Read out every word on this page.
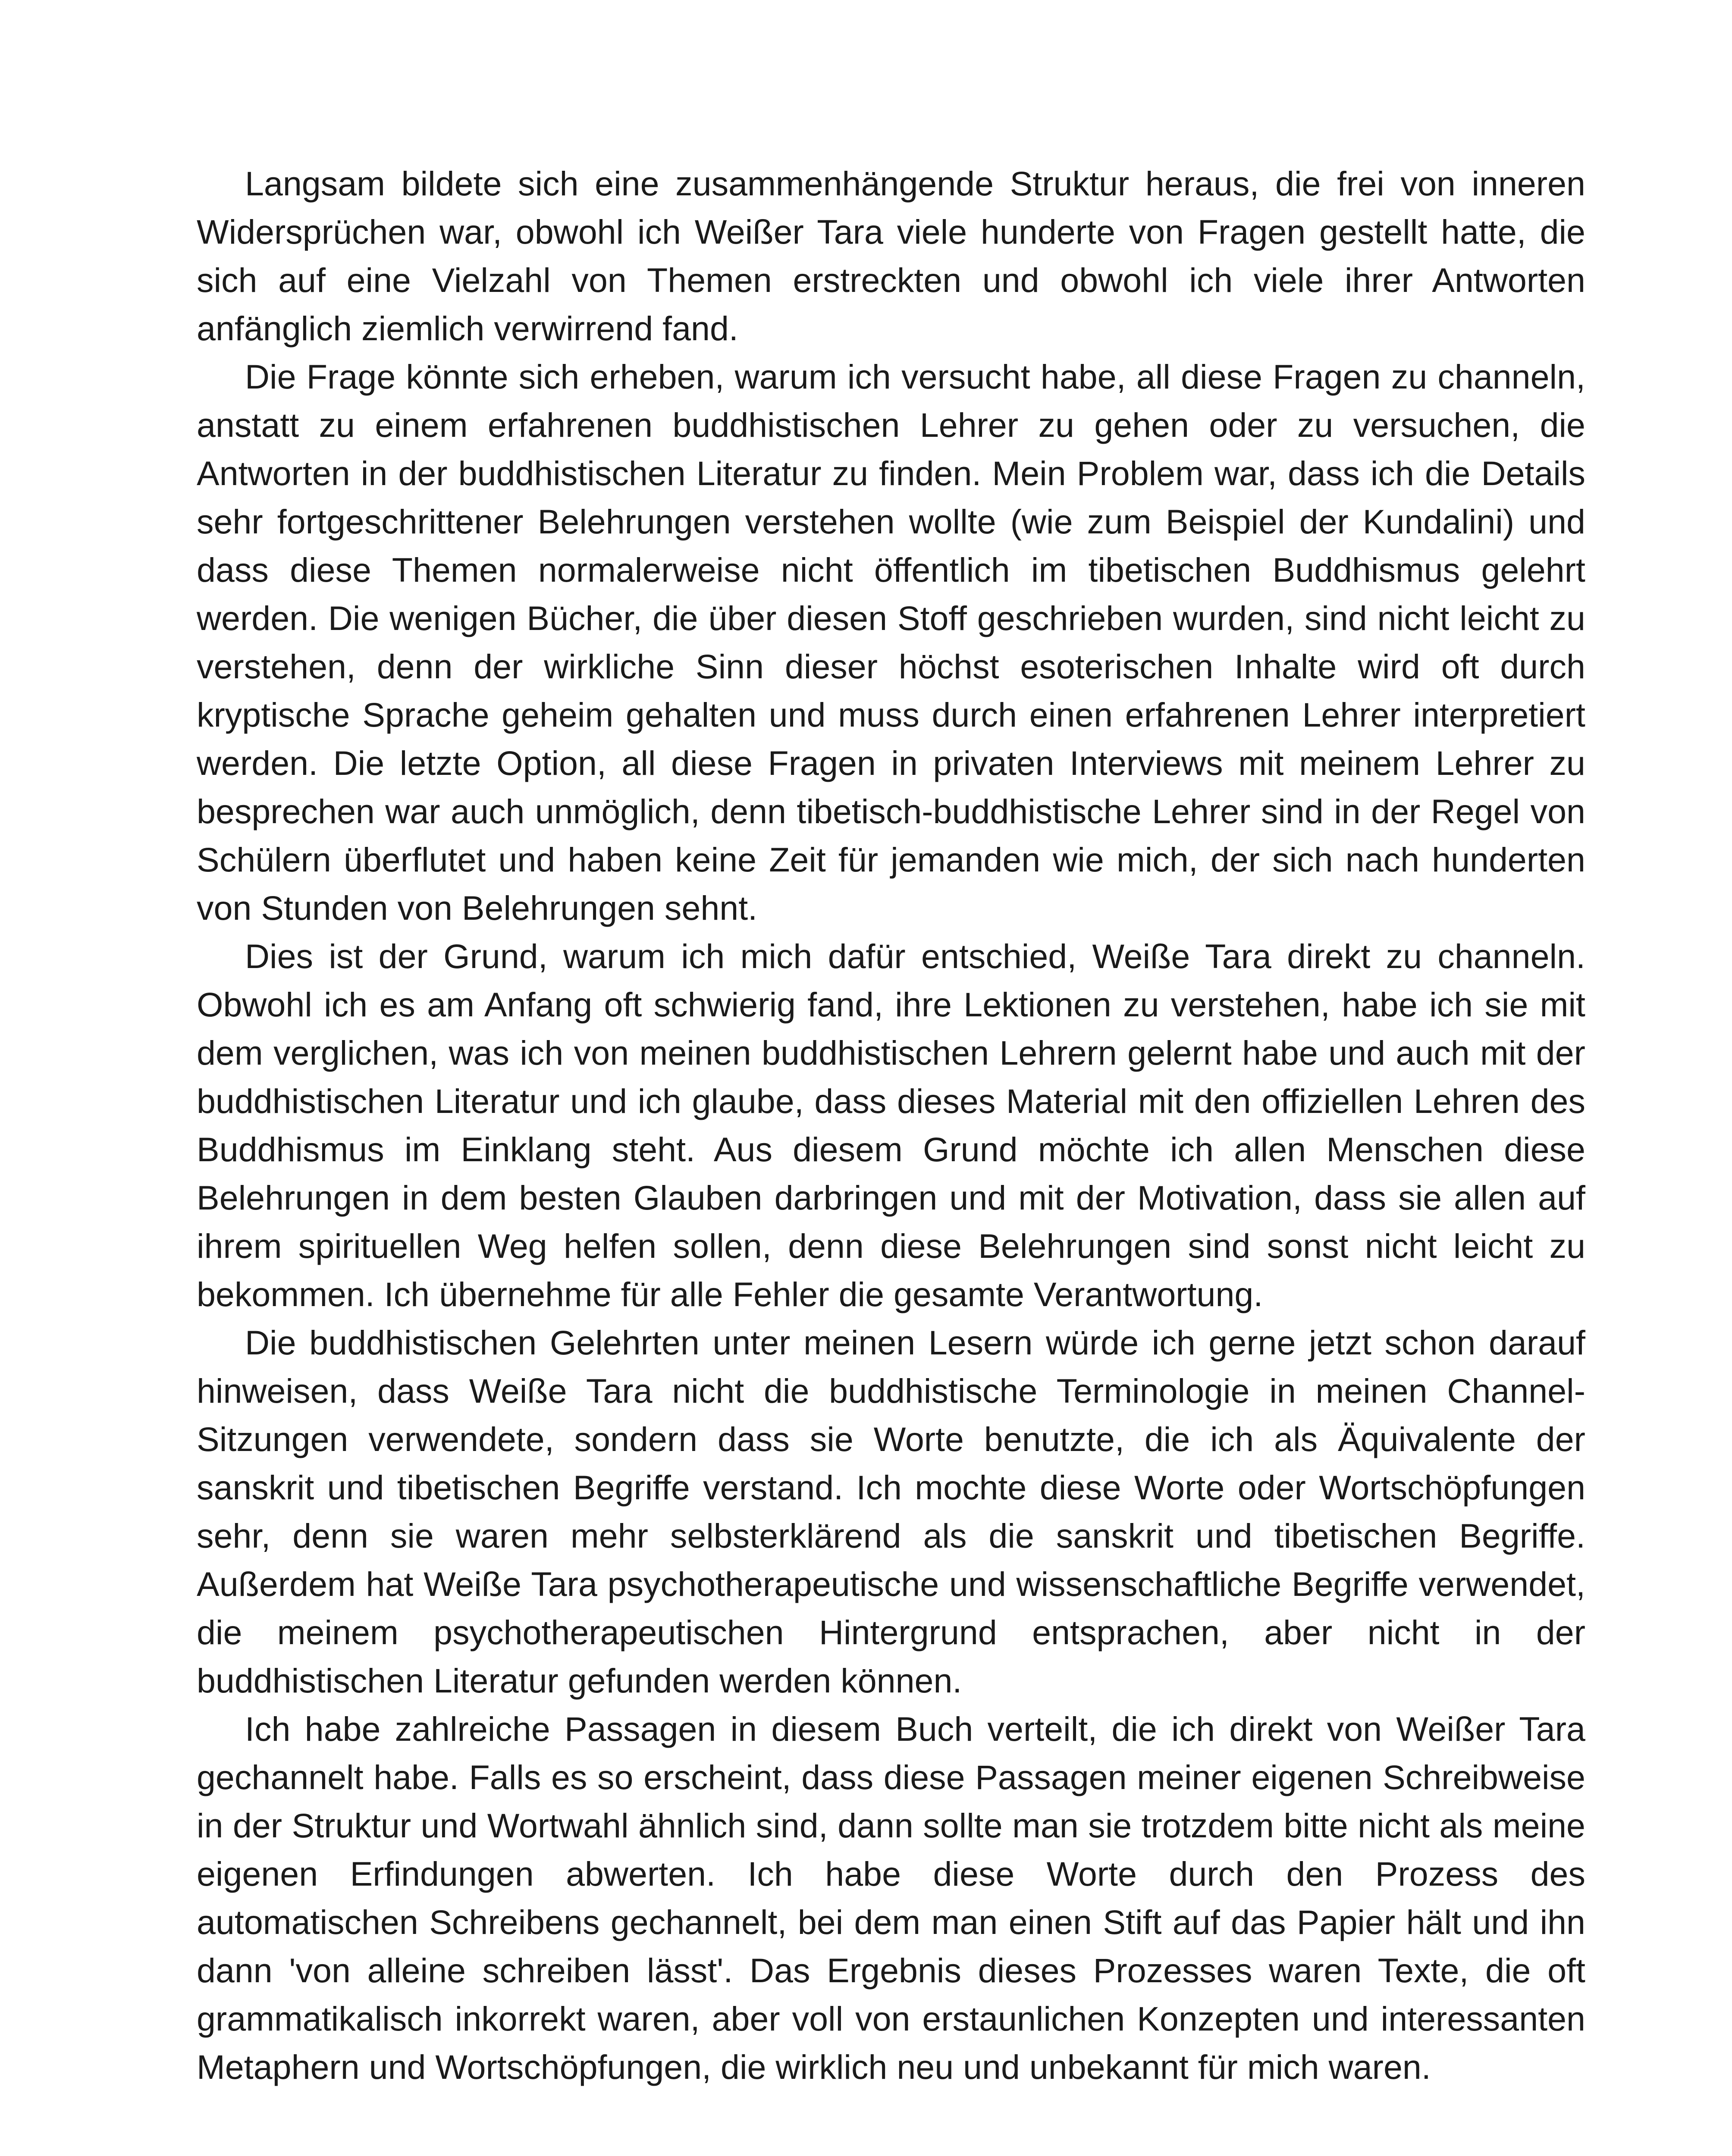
Langsam bildete sich eine zusammenhängende Struktur heraus, die frei von inneren Widersprüchen war, obwohl ich Weißer Tara viele hunderte von Fragen gestellt hatte, die sich auf eine Vielzahl von Themen erstreckten und obwohl ich viele ihrer Antworten anfänglich ziemlich verwirrend fand.

Die Frage könnte sich erheben, warum ich versucht habe, all diese Fragen zu channeln, anstatt zu einem erfahrenen buddhistischen Lehrer zu gehen oder zu versuchen, die Antworten in der buddhistischen Literatur zu finden. Mein Problem war, dass ich die Details sehr fortgeschrittener Belehrungen verstehen wollte (wie zum Beispiel der Kundalini) und dass diese Themen normalerweise nicht öffentlich im tibetischen Buddhismus gelehrt werden. Die wenigen Bücher, die über diesen Stoff geschrieben wurden, sind nicht leicht zu verstehen, denn der wirkliche Sinn dieser höchst esoterischen Inhalte wird oft durch kryptische Sprache geheim gehalten und muss durch einen erfahrenen Lehrer interpretiert werden. Die letzte Option, all diese Fragen in privaten Interviews mit meinem Lehrer zu besprechen war auch unmöglich, denn tibetisch-buddhistische Lehrer sind in der Regel von Schülern überflutet und haben keine Zeit für jemanden wie mich, der sich nach hunderten von Stunden von Belehrungen sehnt.

Dies ist der Grund, warum ich mich dafür entschied, Weiße Tara direkt zu channeln. Obwohl ich es am Anfang oft schwierig fand, ihre Lektionen zu verstehen, habe ich sie mit dem verglichen, was ich von meinen buddhistischen Lehrern gelernt habe und auch mit der buddhistischen Literatur und ich glaube, dass dieses Material mit den offiziellen Lehren des Buddhismus im Einklang steht. Aus diesem Grund möchte ich allen Menschen diese Belehrungen in dem besten Glauben darbringen und mit der Motivation, dass sie allen auf ihrem spirituellen Weg helfen sollen, denn diese Belehrungen sind sonst nicht leicht zu bekommen. Ich übernehme für alle Fehler die gesamte Verantwortung.

Die buddhistischen Gelehrten unter meinen Lesern würde ich gerne jetzt schon darauf hinweisen, dass Weiße Tara nicht die buddhistische Terminologie in meinen Channel-Sitzungen verwendete, sondern dass sie Worte benutzte, die ich als Äquivalente der sanskrit und tibetischen Begriffe verstand. Ich mochte diese Worte oder Wortschöpfungen sehr, denn sie waren mehr selbsterklärend als die sanskrit und tibetischen Begriffe. Außerdem hat Weiße Tara psychotherapeutische und wissenschaftliche Begriffe verwendet, die meinem psychotherapeutischen Hintergrund entsprachen, aber nicht in der buddhistischen Literatur gefunden werden können.

Ich habe zahlreiche Passagen in diesem Buch verteilt, die ich direkt von Weißer Tara gechannelt habe. Falls es so erscheint, dass diese Passagen meiner eigenen Schreibweise in der Struktur und Wortwahl ähnlich sind, dann sollte man sie trotzdem bitte nicht als meine eigenen Erfindungen abwerten. Ich habe diese Worte durch den Prozess des automatischen Schreibens gechannelt, bei dem man einen Stift auf das Papier hält und ihn dann 'von alleine schreiben lässt'. Das Ergebnis dieses Prozesses waren Texte, die oft grammatikalisch inkorrekt waren, aber voll von erstaunlichen Konzepten und interessanten Metaphern und Wortschöpfungen, die wirklich neu und unbekannt für mich waren.
